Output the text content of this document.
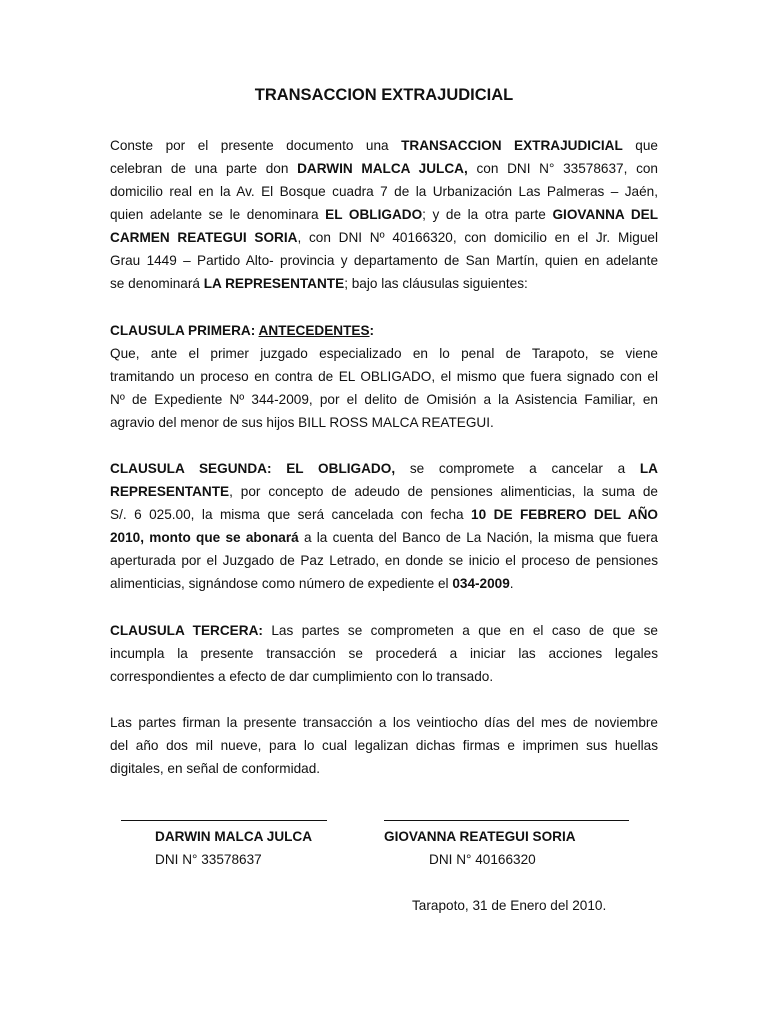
TRANSACCION EXTRAJUDICIAL
Conste por el presente documento una TRANSACCION EXTRAJUDICIAL que
celebran de una parte don DARWIN MALCA JULCA, con DNI N° 33578637, con
domicilio real en la Av. El Bosque cuadra 7 de la Urbanización Las Palmeras – Jaén,
quien adelante se le denominara EL OBLIGADO; y de la otra parte GIOVANNA DEL
CARMEN REATEGUI SORIA, con DNI Nº 40166320, con domicilio en el Jr. Miguel
Grau 1449 – Partido Alto- provincia y departamento de San Martín, quien en adelante
se denominará LA REPRESENTANTE; bajo las cláusulas siguientes:
CLAUSULA PRIMERA: ANTECEDENTES:
Que, ante el primer juzgado especializado en lo penal de Tarapoto, se viene
tramitando un proceso en contra de EL OBLIGADO, el mismo que fuera signado con el
Nº de Expediente Nº 344-2009, por el delito de Omisión a la Asistencia Familiar, en
agravio del menor de sus hijos BILL ROSS MALCA REATEGUI.
CLAUSULA SEGUNDA: EL OBLIGADO, se compromete a cancelar a LA
REPRESENTANTE, por concepto de adeudo de pensiones alimenticias, la suma de
S/. 6 025.00, la misma que será cancelada con fecha 10 DE FEBRERO DEL AÑO
2010, monto que se abonará a la cuenta del Banco de La Nación, la misma que fuera
aperturada por el Juzgado de Paz Letrado, en donde se inicio el proceso de pensiones
alimenticias, signándose como número de expediente el 034-2009.
CLAUSULA TERCERA: Las partes se comprometen a que en el caso de que se
incumpla la presente transacción se procederá a iniciar las acciones legales
correspondientes a efecto de dar cumplimiento con lo transado.
Las partes firman la presente transacción a los veintiocho días del mes de noviembre
del año dos mil nueve, para lo cual legalizan dichas firmas e imprimen sus huellas
digitales, en señal de conformidad.
DARWIN MALCA JULCA	GIOVANNA REATEGUI SORIA
DNI N° 33578637	DNI N° 40166320
Tarapoto, 31 de Enero del 2010.
